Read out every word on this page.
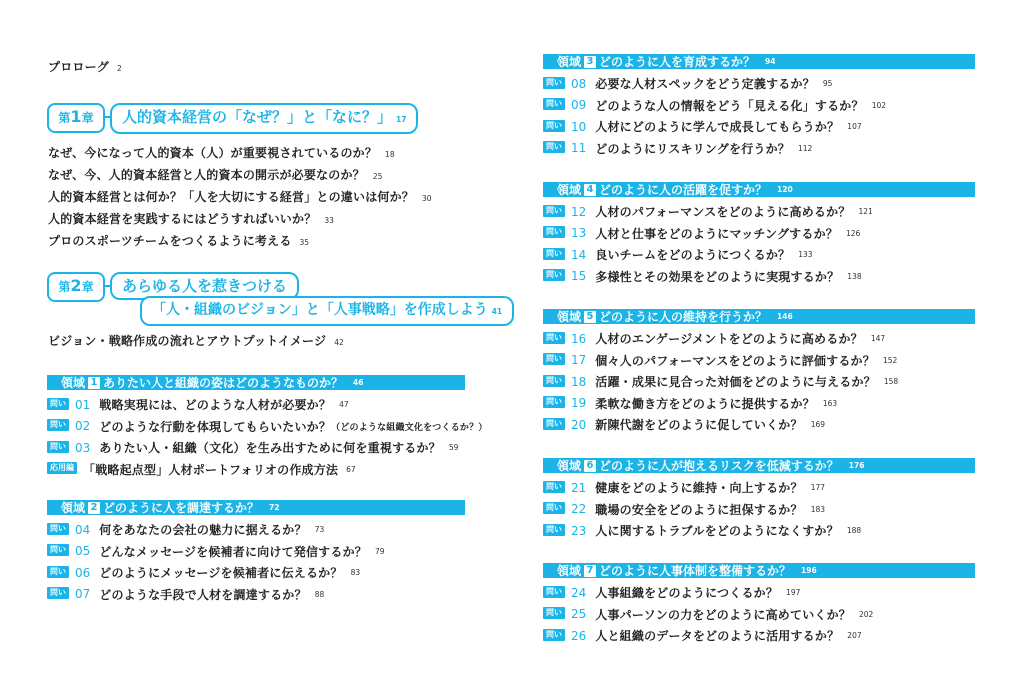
プロローグ 2
第1章	人的資本経営の「なぜ？」と「なに？」 17
なぜ、今になって人的資本（人）が重要視されているのか？ 18
なぜ、今、人的資本経営と人的資本の開示が必要なのか？ 25
人的資本経営とは何か？「人を大切にする経営」との違いは何か？ 30
人的資本経営を実践するにはどうすればいいか？ 33
プロのスポーツチームをつくるように考える 35
第2章	あらゆる人を惹きつける
「人・組織のビジョン」と「人事戦略」を作成しよう 41
ビジョン・戦略作成の流れとアウトプットイメージ 42
領域 1 ありたい人と組織の姿はどのようなものか？ 46
問い 01 戦略実現には、どのような人材が必要か？ 47
問い 02 どのような行動を体現してもらいたいか？ （どのような組織文化をつくるか？）
問い 03 ありたい人・組織（文化）を生み出すために何を重視するか？ 59
応用編 「戦略起点型」人材ポートフォリオの作成方法 67
領域 2 どのように人を調達するか？ 72
問い 04 何をあなたの会社の魅力に据えるか？ 73
問い 05 どんなメッセージを候補者に向けて発信するか？ 79
問い 06 どのようにメッセージを候補者に伝えるか？ 83
問い 07 どのような手段で人材を調達するか？ 88
領域 3 どのように人を育成するか？ 94
問い 08 必要な人材スペックをどう定義するか？ 95
問い 09 どのような人の情報をどう「見える化」するか？ 102
問い 10 人材にどのように学んで成長してもらうか？ 107
問い 11 どのようにリスキリングを行うか？ 112
領域 4 どのように人の活躍を促すか？ 120
問い 12 人材のパフォーマンスをどのように高めるか？ 121
問い 13 人材と仕事をどのようにマッチングするか？ 126
問い 14 良いチームをどのようにつくるか？ 133
問い 15 多様性とその効果をどのように実現するか？ 138
領域 5 どのように人の維持を行うか？ 146
問い 16 人材のエンゲージメントをどのように高めるか？ 147
問い 17 個々人のパフォーマンスをどのように評価するか？ 152
問い 18 活躍・成果に見合った対価をどのように与えるか？ 158
問い 19 柔軟な働き方をどのように提供するか？ 163
問い 20 新陳代謝をどのように促していくか？ 169
領域 6 どのように人が抱えるリスクを低減するか？ 176
問い 21 健康をどのように維持・向上するか？ 177
問い 22 職場の安全をどのように担保するか？ 183
問い 23 人に関するトラブルをどのようになくすか？ 188
領域 7 どのように人事体制を整備するか？ 196
問い 24 人事組織をどのようにつくるか？ 197
問い 25 人事パーソンの力をどのように高めていくか？ 202
問い 26 人と組織のデータをどのように活用するか？ 207
